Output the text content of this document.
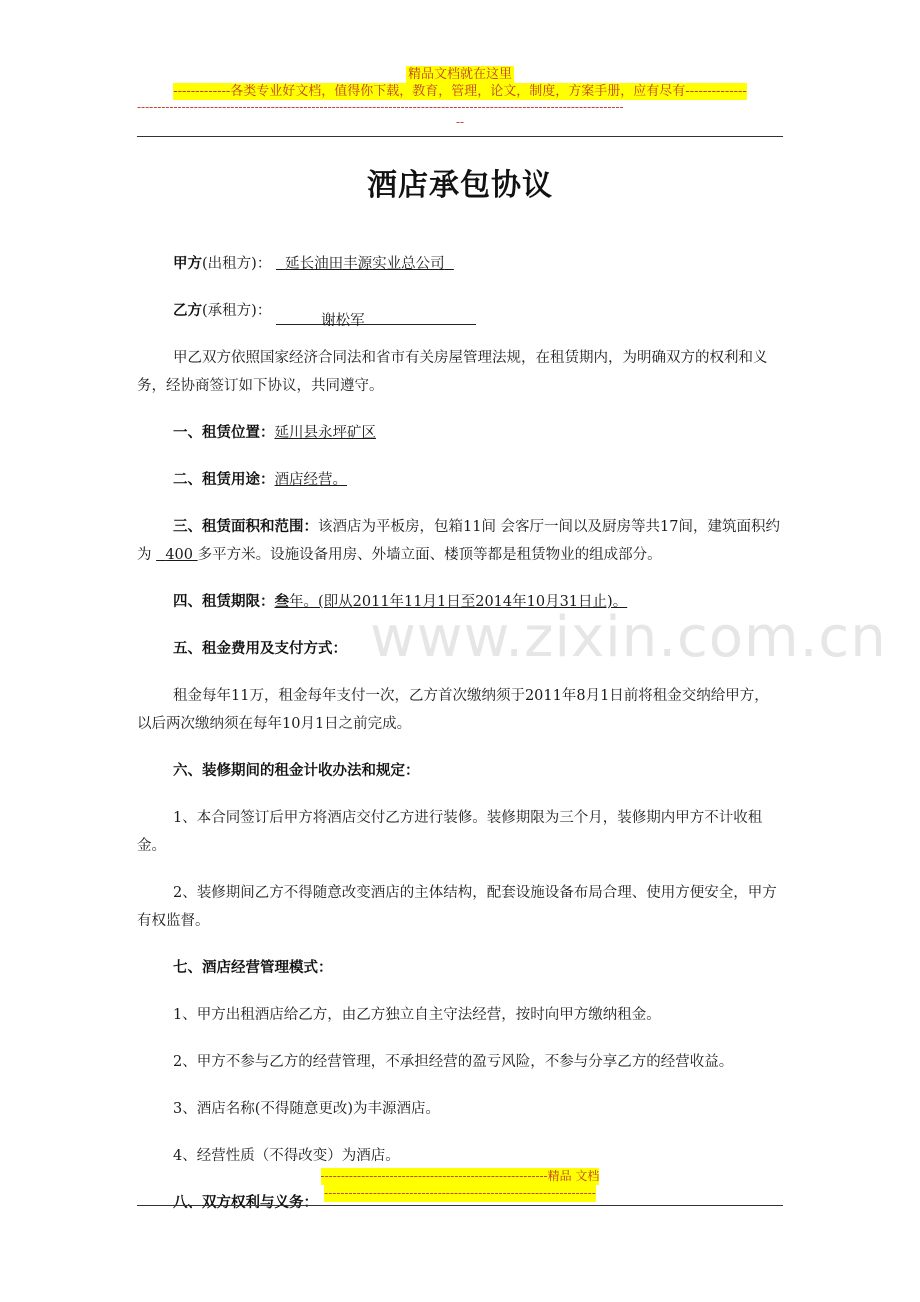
精品文档就在这里
-------------各类专业好文档，值得你下载，教育，管理，论文，制度，方案手册，应有尽有--------------
------------------------------------------------------------------------------------------------------------------------
--
酒店承包协议
www.zixin.com.cn

甲方(出租方)： 延长油田丰源实业总公司

乙方(承租方)：   谢松军

甲乙双方依照国家经济合同法和省市有关房屋管理法规，在租赁期内，为明确双方的权利和义务，经协商签订如下协议，共同遵守。

一、租赁位置：延川县永坪矿区

二、租赁用途：酒店经营。

三、租赁面积和范围：该酒店为平板房，包箱11间 会客厅一间以及厨房等共17间，建筑面积约为   400 多平方米。设施设备用房、外墙立面、楼顶等都是租赁物业的组成部分。

四、租赁期限：叁年。(即从2011年11月1日至2014年10月31日止)。

五、租金费用及支付方式：

租金每年11万，租金每年支付一次，乙方首次缴纳须于2011年8月1日前将租金交纳给甲方，以后两次缴纳须在每年10月1日之前完成。

六、装修期间的租金计收办法和规定：

1、本合同签订后甲方将酒店交付乙方进行装修。装修期限为三个月，装修期内甲方不计收租金。

2、装修期间乙方不得随意改变酒店的主体结构，配套设施设备布局合理、使用方便安全，甲方有权监督。

七、酒店经营管理模式：

1、甲方出租酒店给乙方，由乙方独立自主守法经营，按时向甲方缴纳租金。

2、甲方不参与乙方的经营管理，不承担经营的盈亏风险，不参与分享乙方的经营收益。

3、酒店名称(不得随意更改)为丰源酒店。

4、经营性质（不得改变）为酒店。

八、双方权利与义务：

--------------------------------------------------------精品 文档
-------------------------------------------------------------------
